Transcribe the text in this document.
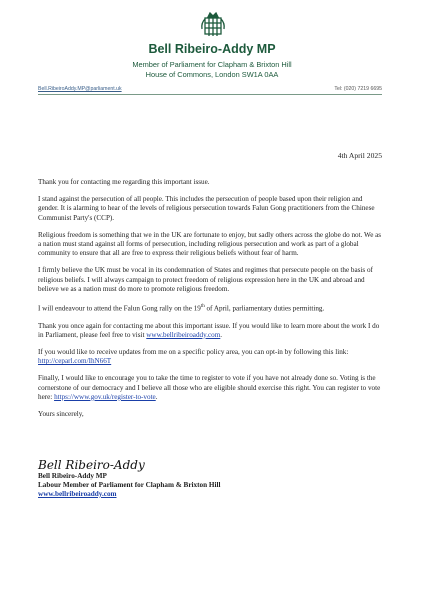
Bell Ribeiro-Addy MP
Member of Parliament for Clapham & Brixton Hill
House of Commons, London SW1A 0AA
Bell.RibeiroAddy.MP@parliament.uk	Tel: (020) 7219 6695
4th April 2025

Thank you for contacting me regarding this important issue.

I stand against the persecution of all people. This includes the persecution of people based upon their religion and gender. It is alarming to hear of the levels of religious persecution towards Falun Gong practitioners from the Chinese Communist Party's (CCP).

Religious freedom is something that we in the UK are fortunate to enjoy, but sadly others across the globe do not. We as a nation must stand against all forms of persecution, including religious persecution and work as part of a global community to ensure that all are free to express their religious beliefs without fear of harm.

I firmly believe the UK must be vocal in its condemnation of States and regimes that persecute people on the basis of religious beliefs. I will always campaign to protect freedom of religious expression here in the UK and abroad and believe we as a nation must do more to promote religious freedom.

I will endeavour to attend the Falun Gong rally on the 19th of April, parliamentary duties permitting.

Thank you once again for contacting me about this important issue. If you would like to learn more about the work I do in Parliament, please feel free to visit www.bellribeiroaddy.com.

If you would like to receive updates from me on a specific policy area, you can opt-in by following this link: http://ceparl.com/IhN66T

Finally, I would like to encourage you to take the time to register to vote if you have not already done so. Voting is the cornerstone of our democracy and I believe all those who are eligible should exercise this right. You can register to vote here: https://www.gov.uk/register-to-vote.

Yours sincerely,

Bell Ribeiro-Addy
Bell Ribeiro-Addy MP
Labour Member of Parliament for Clapham & Brixton Hill
www.bellribeiroaddy.com
